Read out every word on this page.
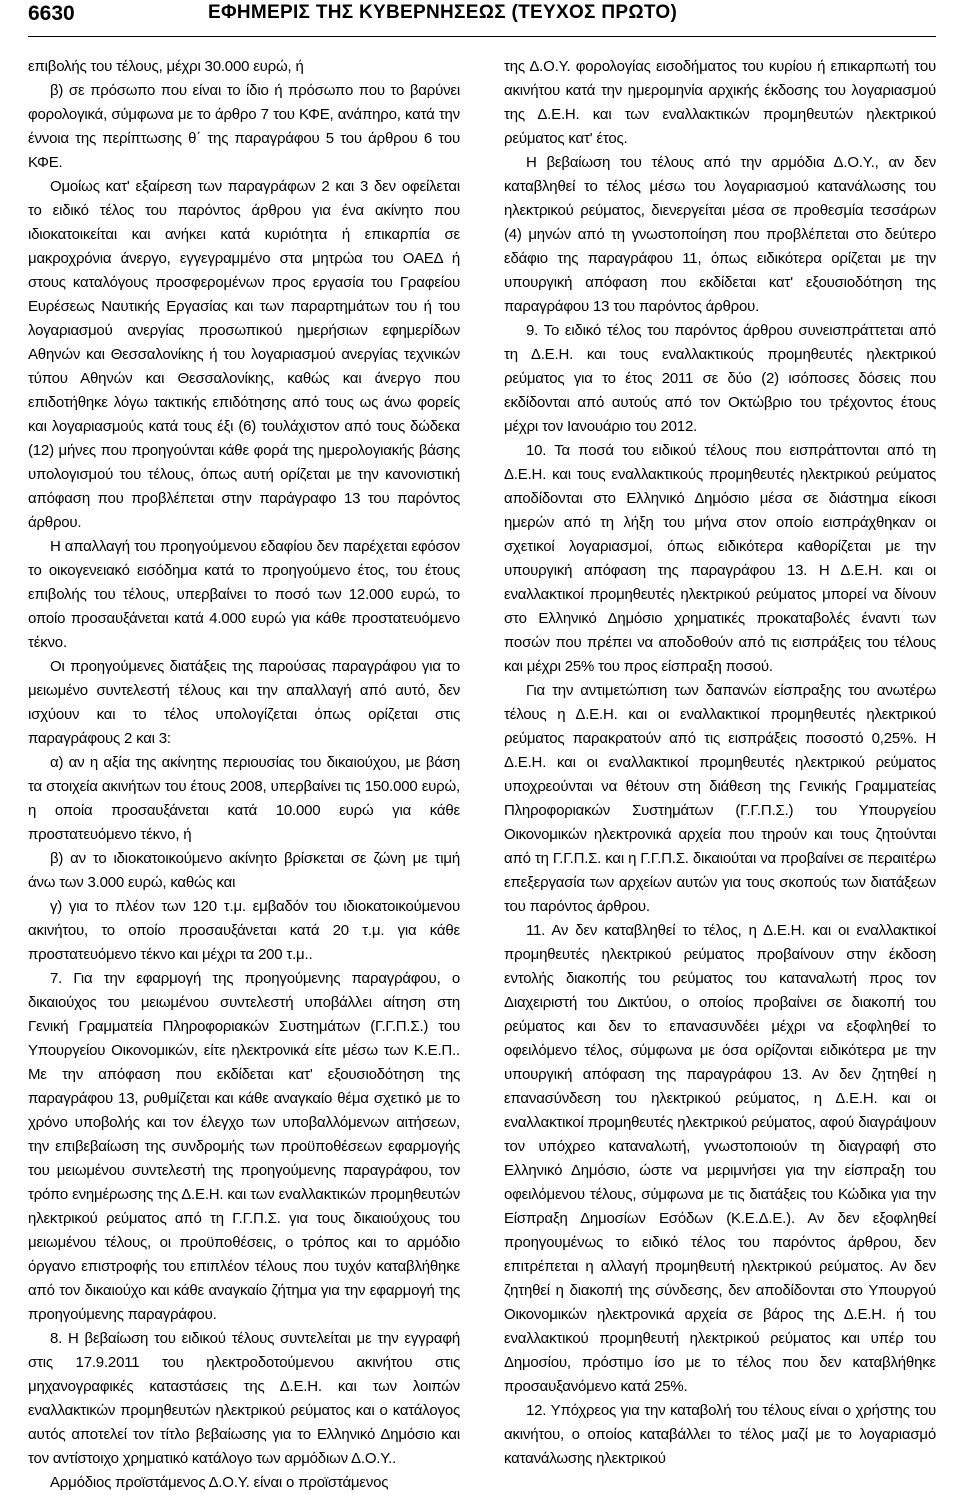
6630	ΕΦΗΜΕΡΙΣ ΤΗΣ ΚΥΒΕΡΝΗΣΕΩΣ (ΤΕΥΧΟΣ ΠΡΩΤΟ)

επιβολής του τέλους, μέχρι 30.000 ευρώ, ή

β) σε πρόσωπο που είναι το ίδιο ή πρόσωπο που το βαρύνει φορολογικά, σύμφωνα με το άρθρο 7 του ΚΦΕ, ανάπηρο, κατά την έννοια της περίπτωσης θ΄ της παραγράφου 5 του άρθρου 6 του ΚΦΕ.

Ομοίως κατ' εξαίρεση των παραγράφων 2 και 3 δεν οφείλεται το ειδικό τέλος του παρόντος άρθρου για ένα ακίνητο που ιδιοκατοικείται και ανήκει κατά κυριότητα ή επικαρπία σε μακροχρόνια άνεργο, εγγεγραμμένο στα μητρώα του ΟΑΕΔ ή στους καταλόγους προσφερομένων προς εργασία του Γραφείου Ευρέσεως Ναυτικής Εργασίας και των παραρτημάτων του ή του λογαριασμού ανεργίας προσωπικού ημερήσιων εφημερίδων Αθηνών και Θεσσαλονίκης ή του λογαριασμού ανεργίας τεχνικών τύπου Αθηνών και Θεσσαλονίκης, καθώς και άνεργο που επιδοτήθηκε λόγω τακτικής επιδότησης από τους ως άνω φορείς και λογαριασμούς κατά τους έξι (6) τουλάχιστον από τους δώδεκα (12) μήνες που προηγούνται κάθε φορά της ημερολογιακής βάσης υπολογισμού του τέλους, όπως αυτή ορίζεται με την κανονιστική απόφαση που προβλέπεται στην παράγραφο 13 του παρόντος άρθρου.

Η απαλλαγή του προηγούμενου εδαφίου δεν παρέχεται εφόσον το οικογενειακό εισόδημα κατά το προηγούμενο έτος, του έτους επιβολής του τέλους, υπερβαίνει το ποσό των 12.000 ευρώ, το οποίο προσαυξάνεται κατά 4.000 ευρώ για κάθε προστατευόμενο τέκνο.

Οι προηγούμενες διατάξεις της παρούσας παραγράφου για το μειωμένο συντελεστή τέλους και την απαλλαγή από αυτό, δεν ισχύουν και το τέλος υπολογίζεται όπως ορίζεται στις παραγράφους 2 και 3:

α) αν η αξία της ακίνητης περιουσίας του δικαιούχου, με βάση τα στοιχεία ακινήτων του έτους 2008, υπερβαίνει τις 150.000 ευρώ, η οποία προσαυξάνεται κατά 10.000 ευρώ για κάθε προστατευόμενο τέκνο, ή

β) αν το ιδιοκατοικούμενο ακίνητο βρίσκεται σε ζώνη με τιμή άνω των 3.000 ευρώ, καθώς και

γ) για το πλέον των 120 τ.μ. εμβαδόν του ιδιοκατοικούμενου ακινήτου, το οποίο προσαυξάνεται κατά 20 τ.μ. για κάθε προστατευόμενο τέκνο και μέχρι τα 200 τ.μ..

7. Για την εφαρμογή της προηγούμενης παραγράφου, ο δικαιούχος του μειωμένου συντελεστή υποβάλλει αίτηση στη Γενική Γραμματεία Πληροφοριακών Συστημάτων (Γ.Γ.Π.Σ.) του Υπουργείου Οικονομικών, είτε ηλεκτρονικά είτε μέσω των Κ.Ε.Π.. Με την απόφαση που εκδίδεται κατ' εξουσιοδότηση της παραγράφου 13, ρυθμίζεται και κάθε αναγκαίο θέμα σχετικό με το χρόνο υποβολής και τον έλεγχο των υποβαλλόμενων αιτήσεων, την επιβεβαίωση της συνδρομής των προϋποθέσεων εφαρμογής του μειωμένου συντελεστή της προηγούμενης παραγράφου, τον τρόπο ενημέρωσης της Δ.Ε.Η. και των εναλλακτικών προμηθευτών ηλεκτρικού ρεύματος από τη Γ.Γ.Π.Σ. για τους δικαιούχους του μειωμένου τέλους, οι προϋποθέσεις, ο τρόπος και το αρμόδιο όργανο επιστροφής του επιπλέον τέλους που τυχόν καταβλήθηκε από τον δικαιούχο και κάθε αναγκαίο ζήτημα για την εφαρμογή της προηγούμενης παραγράφου.

8. Η βεβαίωση του ειδικού τέλους συντελείται με την εγγραφή στις 17.9.2011 του ηλεκτροδοτούμενου ακινήτου στις μηχανογραφικές καταστάσεις της Δ.Ε.Η. και των λοιπών εναλλακτικών προμηθευτών ηλεκτρικού ρεύματος και ο κατάλογος αυτός αποτελεί τον τίτλο βεβαίωσης για το Ελληνικό Δημόσιο και τον αντίστοιχο χρηματικό κατάλογο των αρμόδιων Δ.Ο.Υ..

Αρμόδιος προϊστάμενος Δ.Ο.Υ. είναι ο προϊστάμενος

της Δ.Ο.Υ. φορολογίας εισοδήματος του κυρίου ή επικαρπωτή του ακινήτου κατά την ημερομηνία αρχικής έκδοσης του λογαριασμού της Δ.Ε.Η. και των εναλλακτικών προμηθευτών ηλεκτρικού ρεύματος κατ' έτος.

Η βεβαίωση του τέλους από την αρμόδια Δ.Ο.Υ., αν δεν καταβληθεί το τέλος μέσω του λογαριασμού κατανάλωσης του ηλεκτρικού ρεύματος, διενεργείται μέσα σε προθεσμία τεσσάρων (4) μηνών από τη γνωστοποίηση που προβλέπεται στο δεύτερο εδάφιο της παραγράφου 11, όπως ειδικότερα ορίζεται με την υπουργική απόφαση που εκδίδεται κατ' εξουσιοδότηση της παραγράφου 13 του παρόντος άρθρου.

9. Το ειδικό τέλος του παρόντος άρθρου συνεισπράττεται από τη Δ.Ε.Η. και τους εναλλακτικούς προμηθευτές ηλεκτρικού ρεύματος για το έτος 2011 σε δύο (2) ισόποσες δόσεις που εκδίδονται από αυτούς από τον Οκτώβριο του τρέχοντος έτους μέχρι τον Ιανουάριο του 2012.

10. Τα ποσά του ειδικού τέλους που εισπράττονται από τη Δ.Ε.Η. και τους εναλλακτικούς προμηθευτές ηλεκτρικού ρεύματος αποδίδονται στο Ελληνικό Δημόσιο μέσα σε διάστημα είκοσι ημερών από τη λήξη του μήνα στον οποίο εισπράχθηκαν οι σχετικοί λογαριασμοί, όπως ειδικότερα καθορίζεται με την υπουργική απόφαση της παραγράφου 13. Η Δ.Ε.Η. και οι εναλλακτικοί προμηθευτές ηλεκτρικού ρεύματος μπορεί να δίνουν στο Ελληνικό Δημόσιο χρηματικές προκαταβολές έναντι των ποσών που πρέπει να αποδοθούν από τις εισπράξεις του τέλους και μέχρι 25% του προς είσπραξη ποσού.

Για την αντιμετώπιση των δαπανών είσπραξης του ανωτέρω τέλους η Δ.Ε.Η. και οι εναλλακτικοί προμηθευτές ηλεκτρικού ρεύματος παρακρατούν από τις εισπράξεις ποσοστό 0,25%. Η Δ.Ε.Η. και οι εναλλακτικοί προμηθευτές ηλεκτρικού ρεύματος υποχρεούνται να θέτουν στη διάθεση της Γενικής Γραμματείας Πληροφοριακών Συστημάτων (Γ.Γ.Π.Σ.) του Υπουργείου Οικονομικών ηλεκτρονικά αρχεία που τηρούν και τους ζητούνται από τη Γ.Γ.Π.Σ. και η Γ.Γ.Π.Σ. δικαιούται να προβαίνει σε περαιτέρω επεξεργασία των αρχείων αυτών για τους σκοπούς των διατάξεων του παρόντος άρθρου.

11. Αν δεν καταβληθεί το τέλος, η Δ.Ε.Η. και οι εναλλακτικοί προμηθευτές ηλεκτρικού ρεύματος προβαίνουν στην έκδοση εντολής διακοπής του ρεύματος του καταναλωτή προς τον Διαχειριστή του Δικτύου, ο οποίος προβαίνει σε διακοπή του ρεύματος και δεν το επανασυνδέει μέχρι να εξοφληθεί το οφειλόμενο τέλος, σύμφωνα με όσα ορίζονται ειδικότερα με την υπουργική απόφαση της παραγράφου 13. Αν δεν ζητηθεί η επανασύνδεση του ηλεκτρικού ρεύματος, η Δ.Ε.Η. και οι εναλλακτικοί προμηθευτές ηλεκτρικού ρεύματος, αφού διαγράψουν τον υπόχρεο καταναλωτή, γνωστοποιούν τη διαγραφή στο Ελληνικό Δημόσιο, ώστε να μεριμνήσει για την είσπραξη του οφειλόμενου τέλους, σύμφωνα με τις διατάξεις του Κώδικα για την Είσπραξη Δημοσίων Εσόδων (Κ.Ε.Δ.Ε.). Αν δεν εξοφληθεί προηγουμένως το ειδικό τέλος του παρόντος άρθρου, δεν επιτρέπεται η αλλαγή προμηθευτή ηλεκτρικού ρεύματος. Αν δεν ζητηθεί η διακοπή της σύνδεσης, δεν αποδίδονται στο Υπουργού Οικονομικών ηλεκτρονικά αρχεία σε βάρος της Δ.Ε.Η. ή του εναλλακτικού προμηθευτή ηλεκτρικού ρεύματος και υπέρ του Δημοσίου, πρόστιμο ίσο με το τέλος που δεν καταβλήθηκε προσαυξανόμενο κατά 25%.

12. Υπόχρεος για την καταβολή του τέλους είναι ο χρήστης του ακινήτου, ο οποίος καταβάλλει το τέλος μαζί με το λογαριασμό κατανάλωσης ηλεκτρικού
